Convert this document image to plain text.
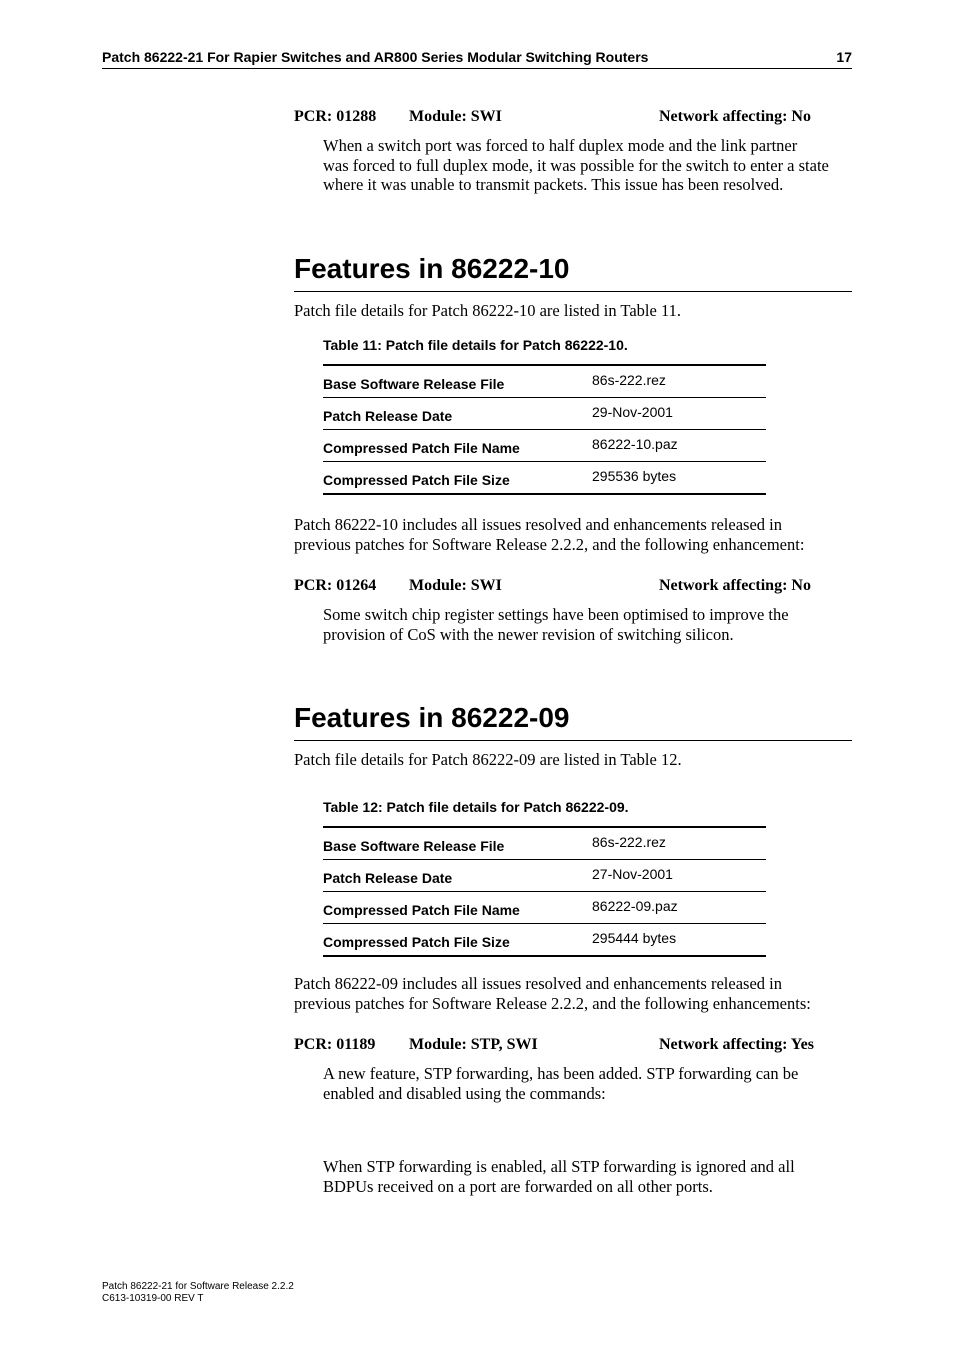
Patch 86222-21 For Rapier Switches and AR800 Series Modular Switching Routers	17
PCR: 01288 Module: SWI	Network affecting: No

When a switch port was forced to half duplex mode and the link partner

was forced to full duplex mode, it was possible for the switch to enter a state

where it was unable to transmit packets. This issue has been resolved.

Features in 86222-10

Patch file details for Patch 86222-10 are listed in Table 11.

Table 11: Patch file details for Patch 86222-10.
Base Software Release File	86s-222.rez
Patch Release Date	29-Nov-2001
Compressed Patch File Name	86222-10.paz
Compressed Patch File Size	295536 bytes

Patch 86222-10 includes all issues resolved and enhancements released in

previous patches for Software Release 2.2.2, and the following enhancement:

PCR: 01264 Module: SWI	Network affecting: No

Some switch chip register settings have been optimised to improve the

provision of CoS with the newer revision of switching silicon.

Features in 86222-09

Patch file details for Patch 86222-09 are listed in Table 12.

Table 12: Patch file details for Patch 86222-09.
Base Software Release File	86s-222.rez
Patch Release Date	27-Nov-2001
Compressed Patch File Name	86222-09.paz
Compressed Patch File Size	295444 bytes

Patch 86222-09 includes all issues resolved and enhancements released in

previous patches for Software Release 2.2.2, and the following enhancements:

PCR: 01189 Module: STP, SWI	Network affecting: Yes

A new feature, STP forwarding, has been added. STP forwarding can be

enabled and disabled using the commands:

When STP forwarding is enabled, all STP forwarding is ignored and all

BDPUs received on a port are forwarded on all other ports.

Patch 86222-21 for Software Release 2.2.2
C613-10319-00 REV T
